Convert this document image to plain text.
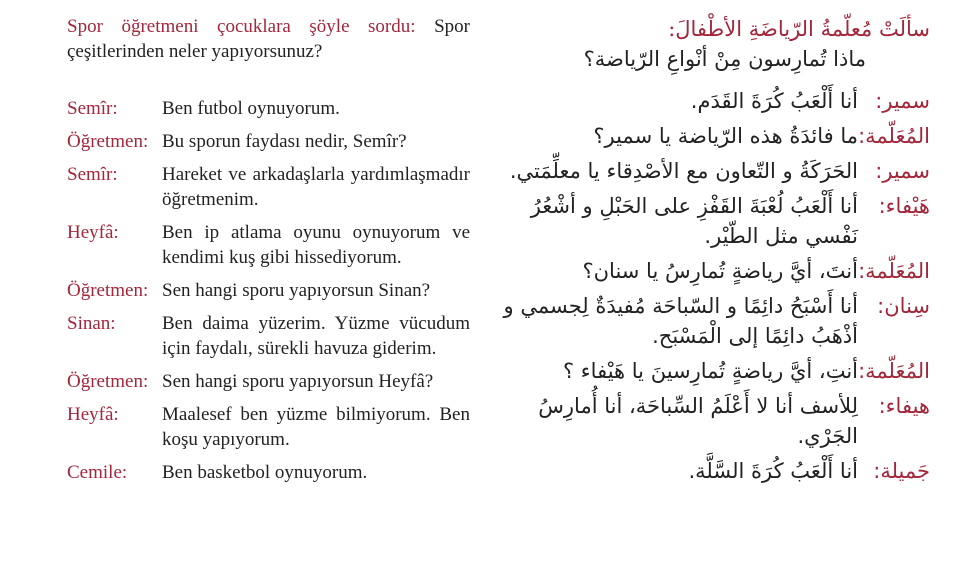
Spor öğretmeni çocuklara şöyle sordu: Spor çeşitlerinden neler yapıyorsunuz?
Semîr:	Ben futbol oynuyorum.
Öğretmen: Bu sporun faydası nedir, Semîr?
Semîr:	Hareket ve arkadaşlarla yardımlaşmadır öğretmenim.
Heyfâ:	Ben ip atlama oyunu oynuyorum ve kendimi kuş gibi hissediyorum.
Öğretmen: Sen hangi sporu yapıyorsun Sinan?
Sinan:	Ben daima yüzerim. Yüzme vücudum için faydalı, sürekli havuza giderim.
Öğretmen: Sen hangi sporu yapıyorsun Heyfâ?
Heyfâ:	Maalesef ben yüzme bilmiyorum. Ben koşu yapıyorum.
Cemile:	Ben basketbol oynuyorum.
سألَتْ مُعلّمةُ الرّياضَةِ الأطْفالَ:
ماذا تُمارِسون مِنْ أنْواعِ الرّياضة؟
سمير:
أنا أَلْعَبُ كُرَةَ القَدَم.
المُعَلّمة:
ما فائدَةُ هذه الرّياضة يا سمير؟
سمير:
الحَرَكَةُ و التّعاون مع الأصْدِقاء يا معلِّمَتي.
هَيْفاء:
أنا أَلْعَبُ لُعْبَةَ القَفْزِ على الحَبْلِ و أشْعُرُ نَفْسي مثل الطّيْر.
المُعَلّمة:
أنتَ، أيَّ رياضةٍ تُمارِسُ يا سنان؟
سِنان:
أنا أَسْبَحُ دائِمًا و السّباحَة مُفيدَةٌ لِجسمي و أذْهَبُ دائِمًا إلى الْمَسْبَح.
المُعَلّمة:
أنتِ، أيَّ رياضةٍ تُمارِسينَ يا هَيْفاء ؟
هيفاء:
لِلأسف أنا لا أَعْلَمُ السِّباحَة، أنا أُمارِسُ الجَرْي.
جَميلة:
أنا أَلْعَبُ كُرَةَ السَّلَّة.
